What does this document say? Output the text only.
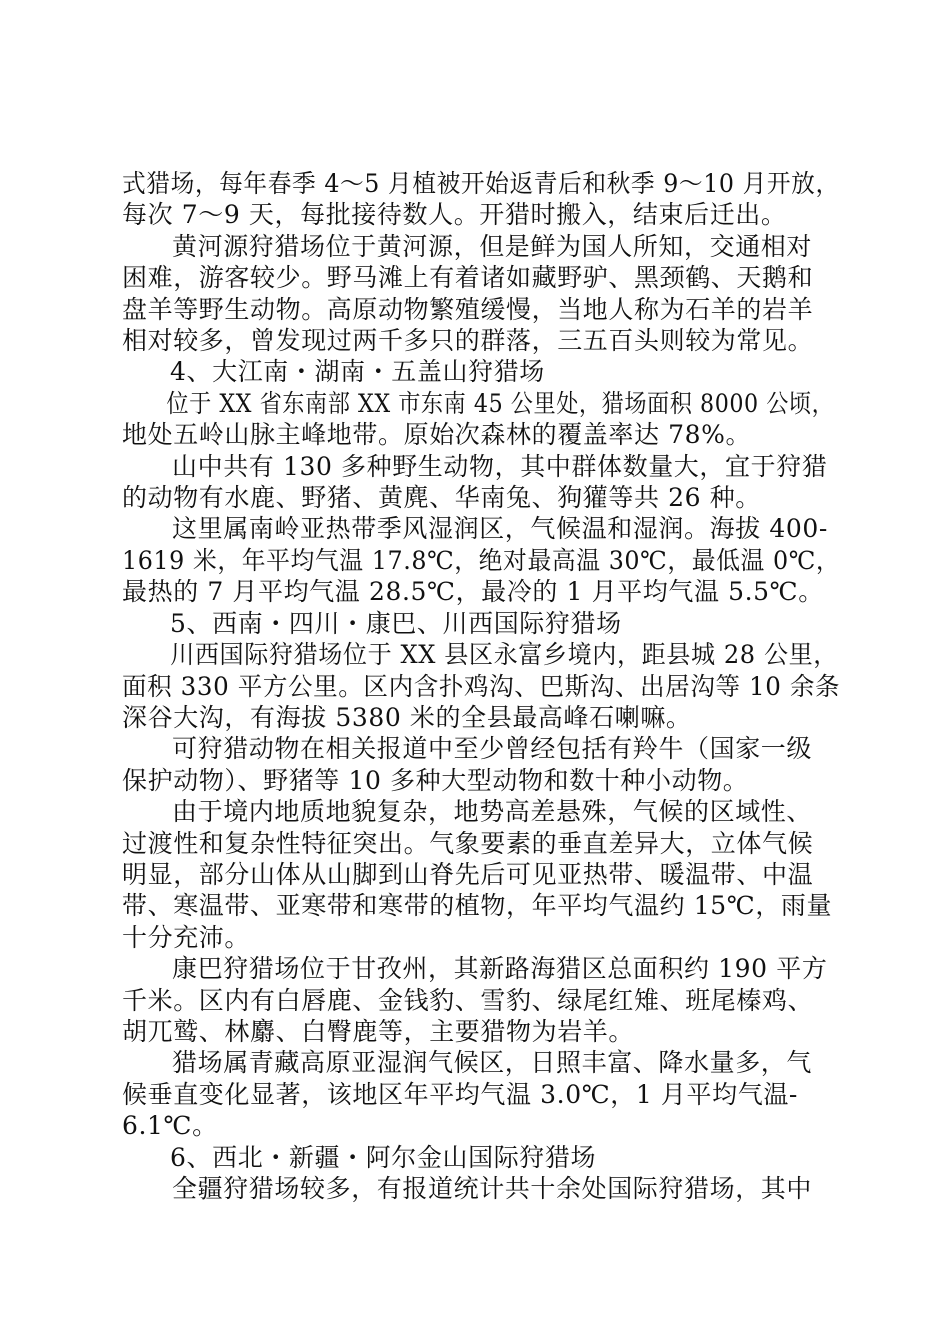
式猎场，每年春季 4～5 月植被开始返青后和秋季 9～10 月开放，
每次 7～9 天，每批接待数人。开猎时搬入，结束后迁出。
黄河源狩猎场位于黄河源，但是鲜为国人所知，交通相对
困难，游客较少。野马滩上有着诸如藏野驴、黑颈鹤、天鹅和
盘羊等野生动物。高原动物繁殖缓慢，当地人称为石羊的岩羊
相对较多，曾发现过两千多只的群落，三五百头则较为常见。
4、大江南・湖南・五盖山狩猎场
位于 XX 省东南部 XX 市东南 45 公里处，猎场面积 8000 公顷，
地处五岭山脉主峰地带。原始次森林的覆盖率达 78%。
山中共有 130 多种野生动物，其中群体数量大，宜于狩猎
的动物有水鹿、野猪、黄麂、华南兔、狗獾等共 26 种。
这里属南岭亚热带季风湿润区，气候温和湿润。海拔 400-
1619 米，年平均气温 17.8℃，绝对最高温 30℃，最低温 0℃，
最热的 7 月平均气温 28.5℃，最冷的 1 月平均气温 5.5℃。
5、西南・四川・康巴、川西国际狩猎场
川西国际狩猎场位于 XX 县区永富乡境内，距县城 28 公里，
面积 330 平方公里。区内含扑鸡沟、巴斯沟、出居沟等 10 余条
深谷大沟，有海拔 5380 米的全县最高峰石喇嘛。
可狩猎动物在相关报道中至少曾经包括有羚牛（国家一级
保护动物）、野猪等 10 多种大型动物和数十种小动物。
由于境内地质地貌复杂，地势高差悬殊，气候的区域性、
过渡性和复杂性特征突出。气象要素的垂直差异大，立体气候
明显，部分山体从山脚到山脊先后可见亚热带、暖温带、中温
带、寒温带、亚寒带和寒带的植物，年平均气温约 15℃，雨量
十分充沛。
康巴狩猎场位于甘孜州，其新路海猎区总面积约 190 平方
千米。区内有白唇鹿、金钱豹、雪豹、绿尾红雉、班尾榛鸡、
胡兀鹫、林麝、白臀鹿等，主要猎物为岩羊。
猎场属青藏高原亚湿润气候区，日照丰富、降水量多，气
候垂直变化显著，该地区年平均气温 3.0℃，1 月平均气温-
6.1℃。
6、西北・新疆・阿尔金山国际狩猎场
全疆狩猎场较多，有报道统计共十余处国际狩猎场，其中
